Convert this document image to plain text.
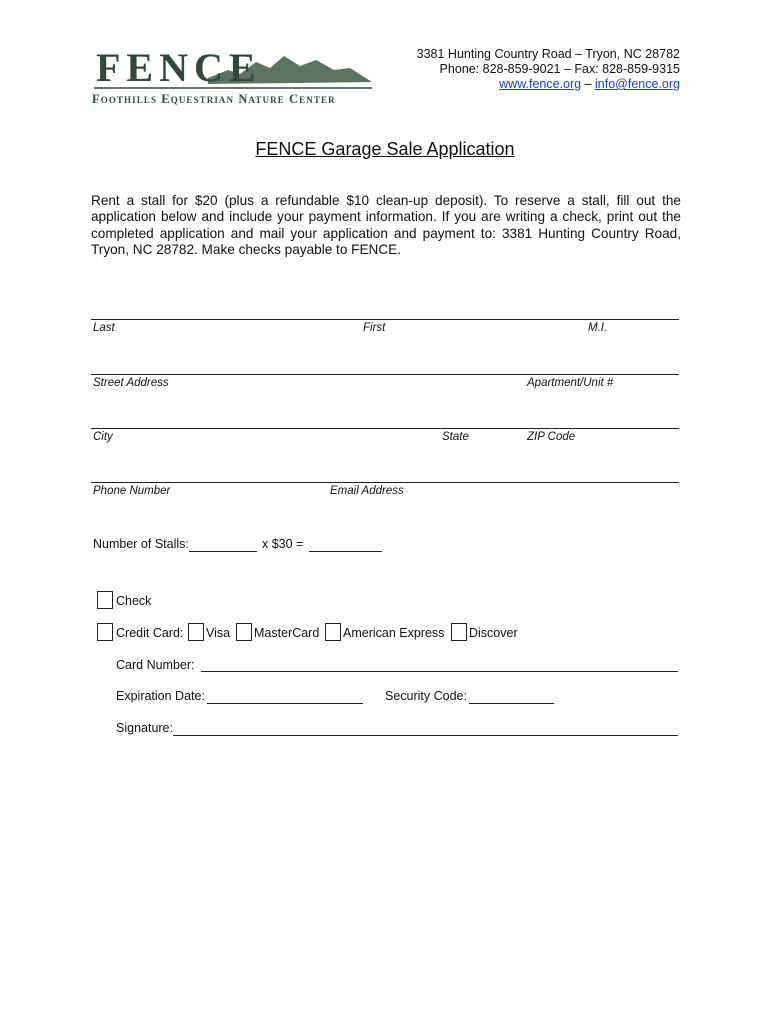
FENCE
Foothills Equestrian Nature Center
3381 Hunting Country Road – Tryon, NC 28782
Phone: 828-859-9021 – Fax: 828-859-9315
www.fence.org – info@fence.org
FENCE Garage Sale Application
Rent a stall for $20 (plus a refundable $10 clean-up deposit). To reserve a stall, fill out the application below and include your payment information. If you are writing a check, print out the completed application and mail your application and payment to: 3381 Hunting Country Road, Tryon, NC 28782. Make checks payable to FENCE.
Last	First	M.I.
Street Address	Apartment/Unit #
City	State	ZIP Code
Phone Number	Email Address
Number of Stalls:	x $30 =
Check
Credit Card: Visa MasterCard American Express Discover
Card Number:
Expiration Date:	Security Code:
Signature:
